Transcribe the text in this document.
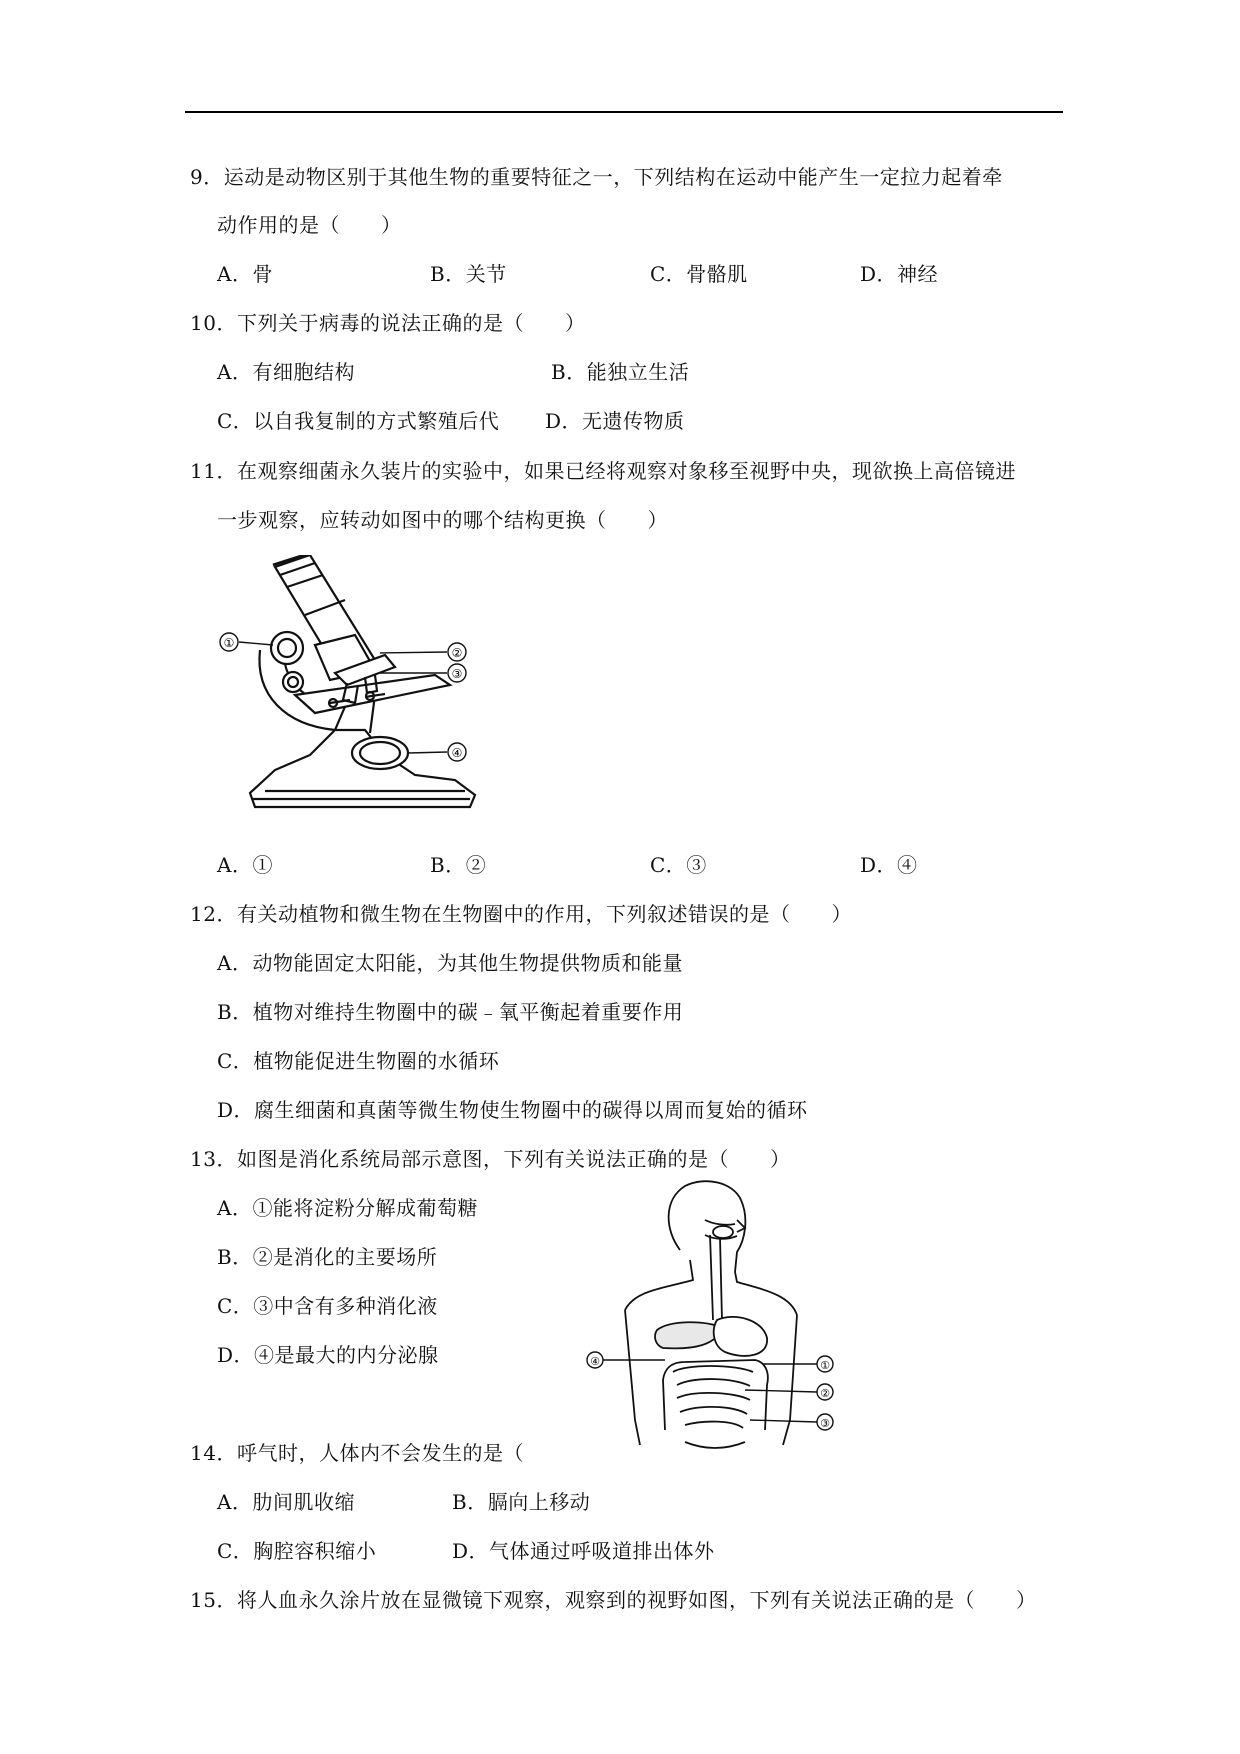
9．运动是动物区别于其他生物的重要特征之一，下列结构在运动中能产生一定拉力起着牵
动作用的是（　　）
A．骨	B．关节	C．骨骼肌	D．神经
10．下列关于病毒的说法正确的是（　　）
A．有细胞结构	B．能独立生活
C．以自我复制的方式繁殖后代 D．无遗传物质
11．在观察细菌永久装片的实验中，如果已经将观察对象移至视野中央，现欲换上高倍镜进
一步观察，应转动如图中的哪个结构更换（　　）
①
②
③
④
A．①	B．②	C．③	D．④
12．有关动植物和微生物在生物圈中的作用，下列叙述错误的是（　　）
A．动物能固定太阳能，为其他生物提供物质和能量
B．植物对维持生物圈中的碳﹣氧平衡起着重要作用
C．植物能促进生物圈的水循环
D．腐生细菌和真菌等微生物使生物圈中的碳得以周而复始的循环
13．如图是消化系统局部示意图，下列有关说法正确的是（　　）
A．①能将淀粉分解成葡萄糖
B．②是消化的主要场所
C．③中含有多种消化液
D．④是最大的内分泌腺	④	①
②
③
14．呼气时，人体内不会发生的是（
A．肋间肌收缩	B．膈向上移动
C．胸腔容积缩小	D．气体通过呼吸道排出体外
15．将人血永久涂片放在显微镜下观察，观察到的视野如图，下列有关说法正确的是（　　）
